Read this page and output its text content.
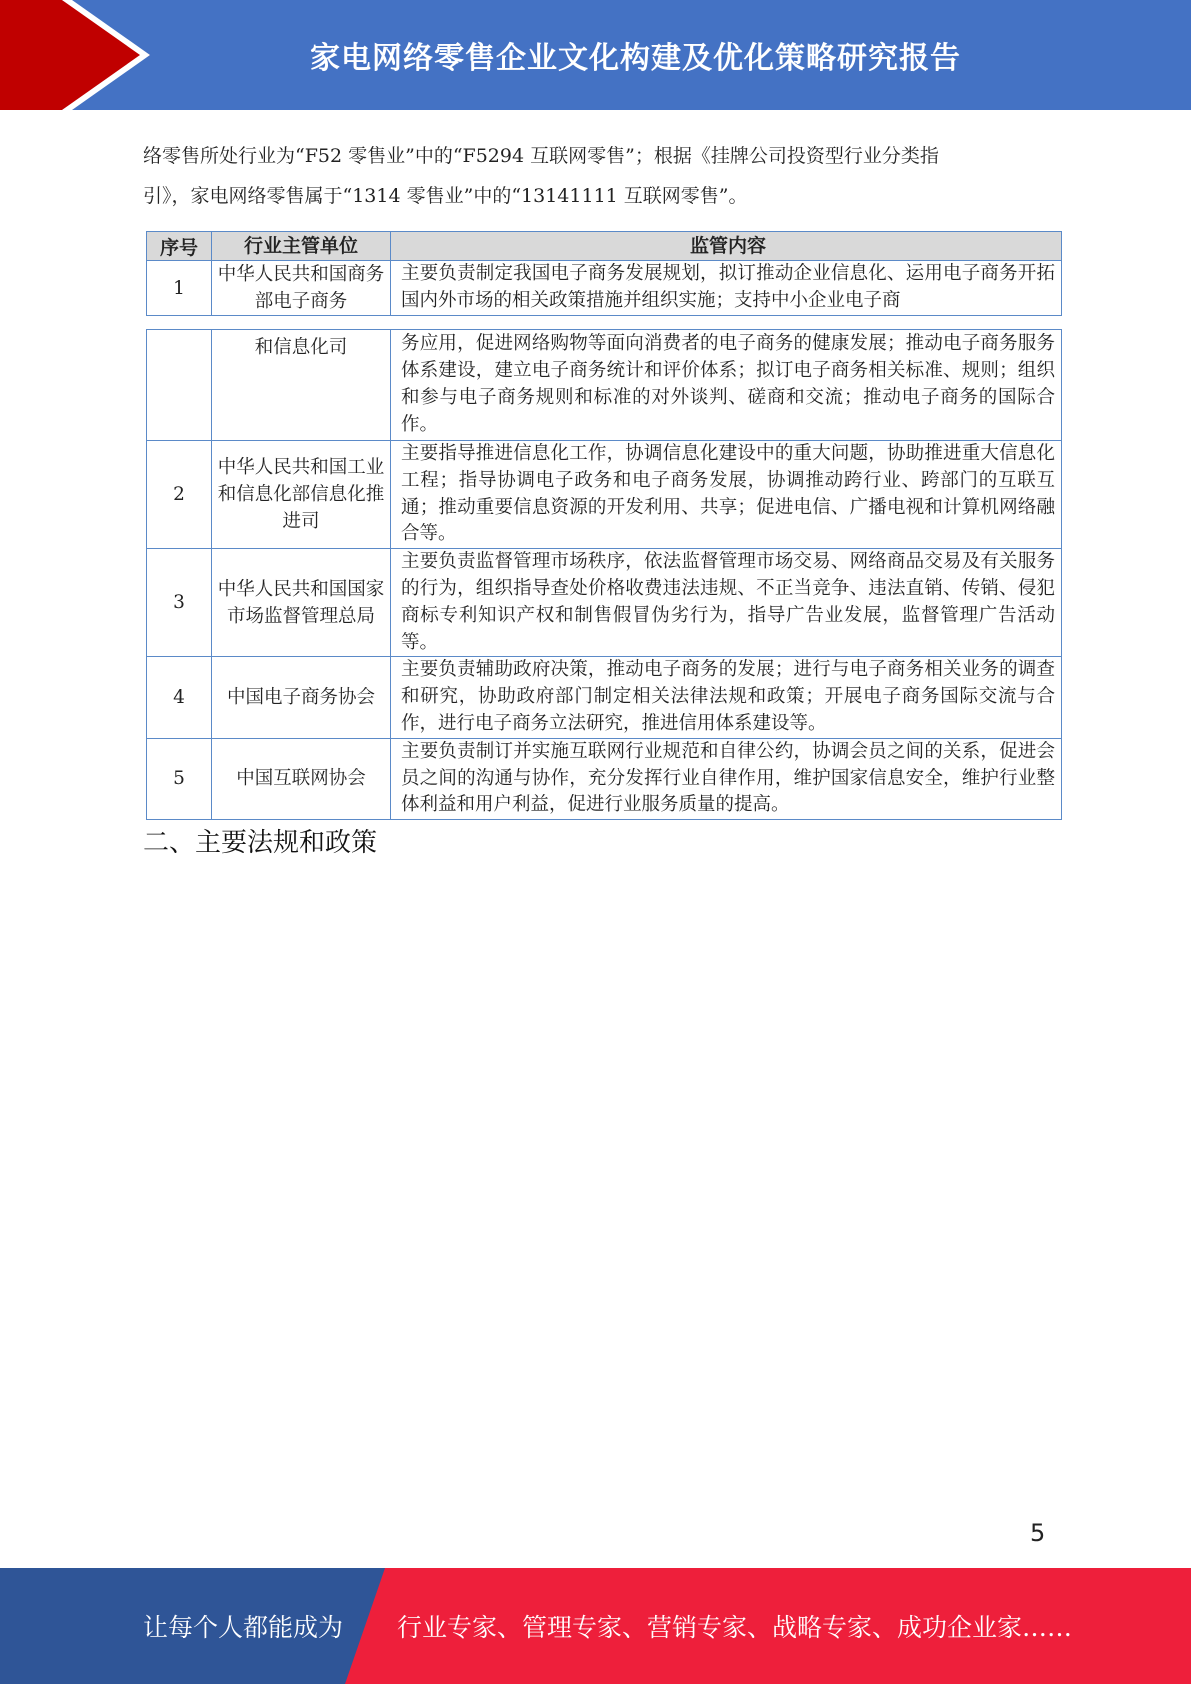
家电网络零售企业文化构建及优化策略研究报告

络零售所处行业为“F52 零售业”中的“F5294 互联网零售”；根据《挂牌公司投资型行业分类指

引》，家电网络零售属于“1314 零售业”中的“13141111 互联网零售”。

序号	行业主管单位	监管内容
1	中华人民共和国商务部电子商务	主要负责制定我国电子商务发展规划，拟订推动企业信息化、运用电子商务开拓国内外市场的相关政策措施并组织实施；支持中小企业电子商
	和信息化司	务应用，促进网络购物等面向消费者的电子商务的健康发展；推动电子商务服务体系建设，建立电子商务统计和评价体系；拟订电子商务相关标准、规则；组织和参与电子商务规则和标准的对外谈判、磋商和交流；推动电子商务的国际合作。
2	中华人民共和国工业和信息化部信息化推进司	主要指导推进信息化工作，协调信息化建设中的重大问题，协助推进重大信息化工程；指导协调电子政务和电子商务发展，协调推动跨行业、跨部门的互联互通；推动重要信息资源的开发利用、共享；促进电信、广播电视和计算机网络融合等。
3	中华人民共和国国家市场监督管理总局	主要负责监督管理市场秩序，依法监督管理市场交易、网络商品交易及有关服务的行为，组织指导查处价格收费违法违规、不正当竞争、违法直销、传销、侵犯商标专利知识产权和制售假冒伪劣行为，指导广告业发展，监督管理广告活动等。
4	中国电子商务协会	主要负责辅助政府决策，推动电子商务的发展；进行与电子商务相关业务的调查和研究，协助政府部门制定相关法律法规和政策；开展电子商务国际交流与合作，进行电子商务立法研究，推进信用体系建设等。
5	中国互联网协会	主要负责制订并实施互联网行业规范和自律公约，协调会员之间的关系，促进会员之间的沟通与协作，充分发挥行业自律作用，维护国家信息安全，维护行业整体利益和用户利益，促进行业服务质量的提高。
二、主要法规和政策
5
让每个人都能成为 行业专家、管理专家、营销专家、战略专家、成功企业家……
